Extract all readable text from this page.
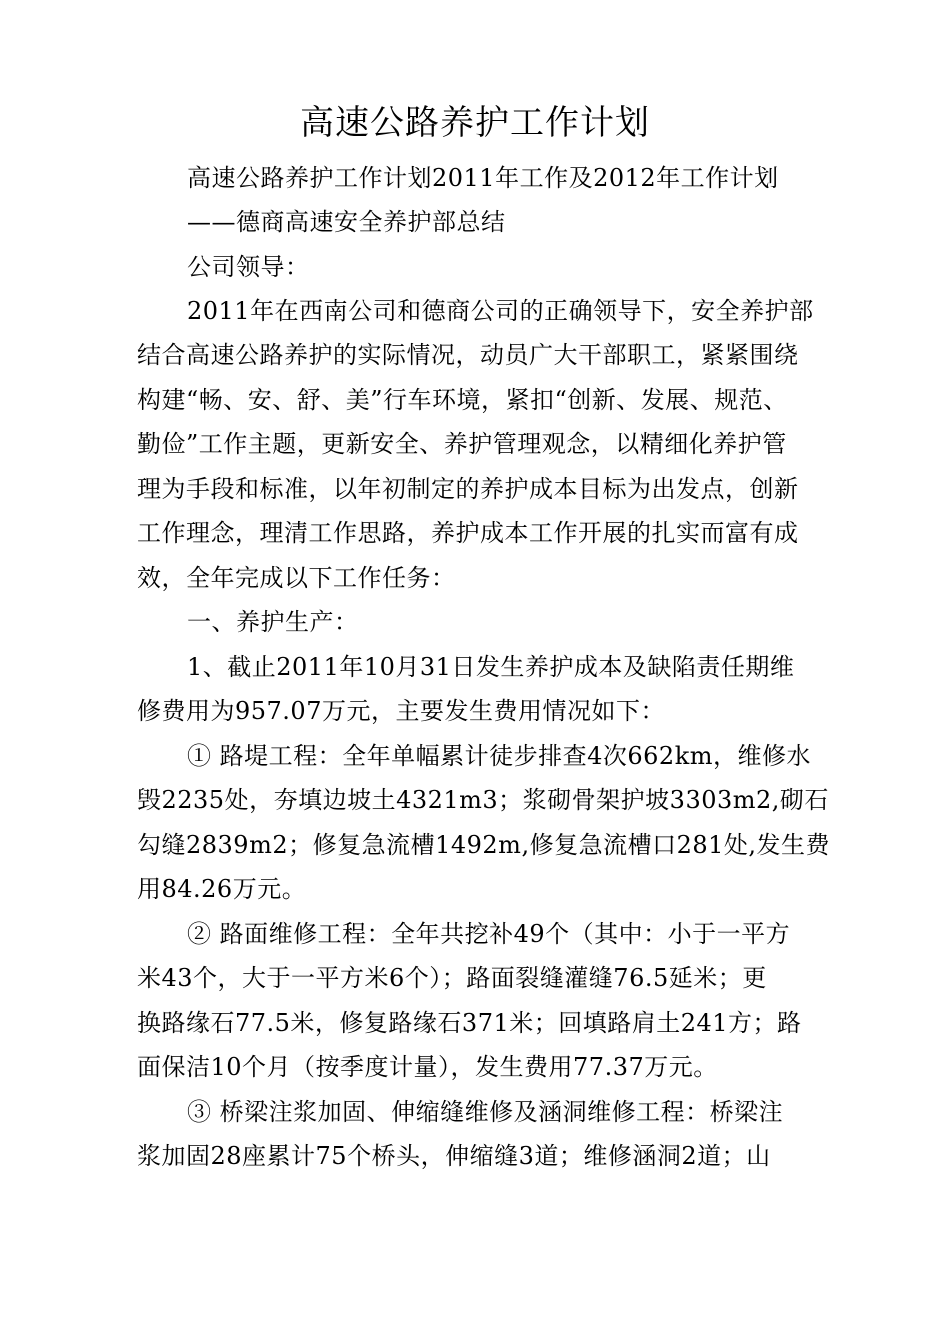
高速公路养护工作计划
高速公路养护工作计划2011年工作及2012年工作计划
——德商高速安全养护部总结
公司领导：
2011年在西南公司和德商公司的正确领导下，安全养护部
结合高速公路养护的实际情况，动员广大干部职工，紧紧围绕
构建“畅、安、舒、美”行车环境，紧扣“创新、发展、规范、
勤俭”工作主题，更新安全、养护管理观念，以精细化养护管
理为手段和标准，以年初制定的养护成本目标为出发点，创新
工作理念，理清工作思路，养护成本工作开展的扎实而富有成
效，全年完成以下工作任务：
一、养护生产：
1、截止2011年10月31日发生养护成本及缺陷责任期维
修费用为957.07万元，主要发生费用情况如下：
① 路堤工程：全年单幅累计徒步排查4次662km，维修水
毁2235处，夯填边坡土4321m3；浆砌骨架护坡3303m2,砌石
勾缝2839m2；修复急流槽1492m,修复急流槽口281处,发生费
用84.26万元。
② 路面维修工程：全年共挖补49个（其中：小于一平方
米43个，大于一平方米6个）；路面裂缝灌缝76.5延米；更
换路缘石77.5米，修复路缘石371米；回填路肩土241方；路
面保洁10个月（按季度计量），发生费用77.37万元。
③ 桥梁注浆加固、伸缩缝维修及涵洞维修工程：桥梁注
浆加固28座累计75个桥头，伸缩缝3道；维修涵洞2道；山
